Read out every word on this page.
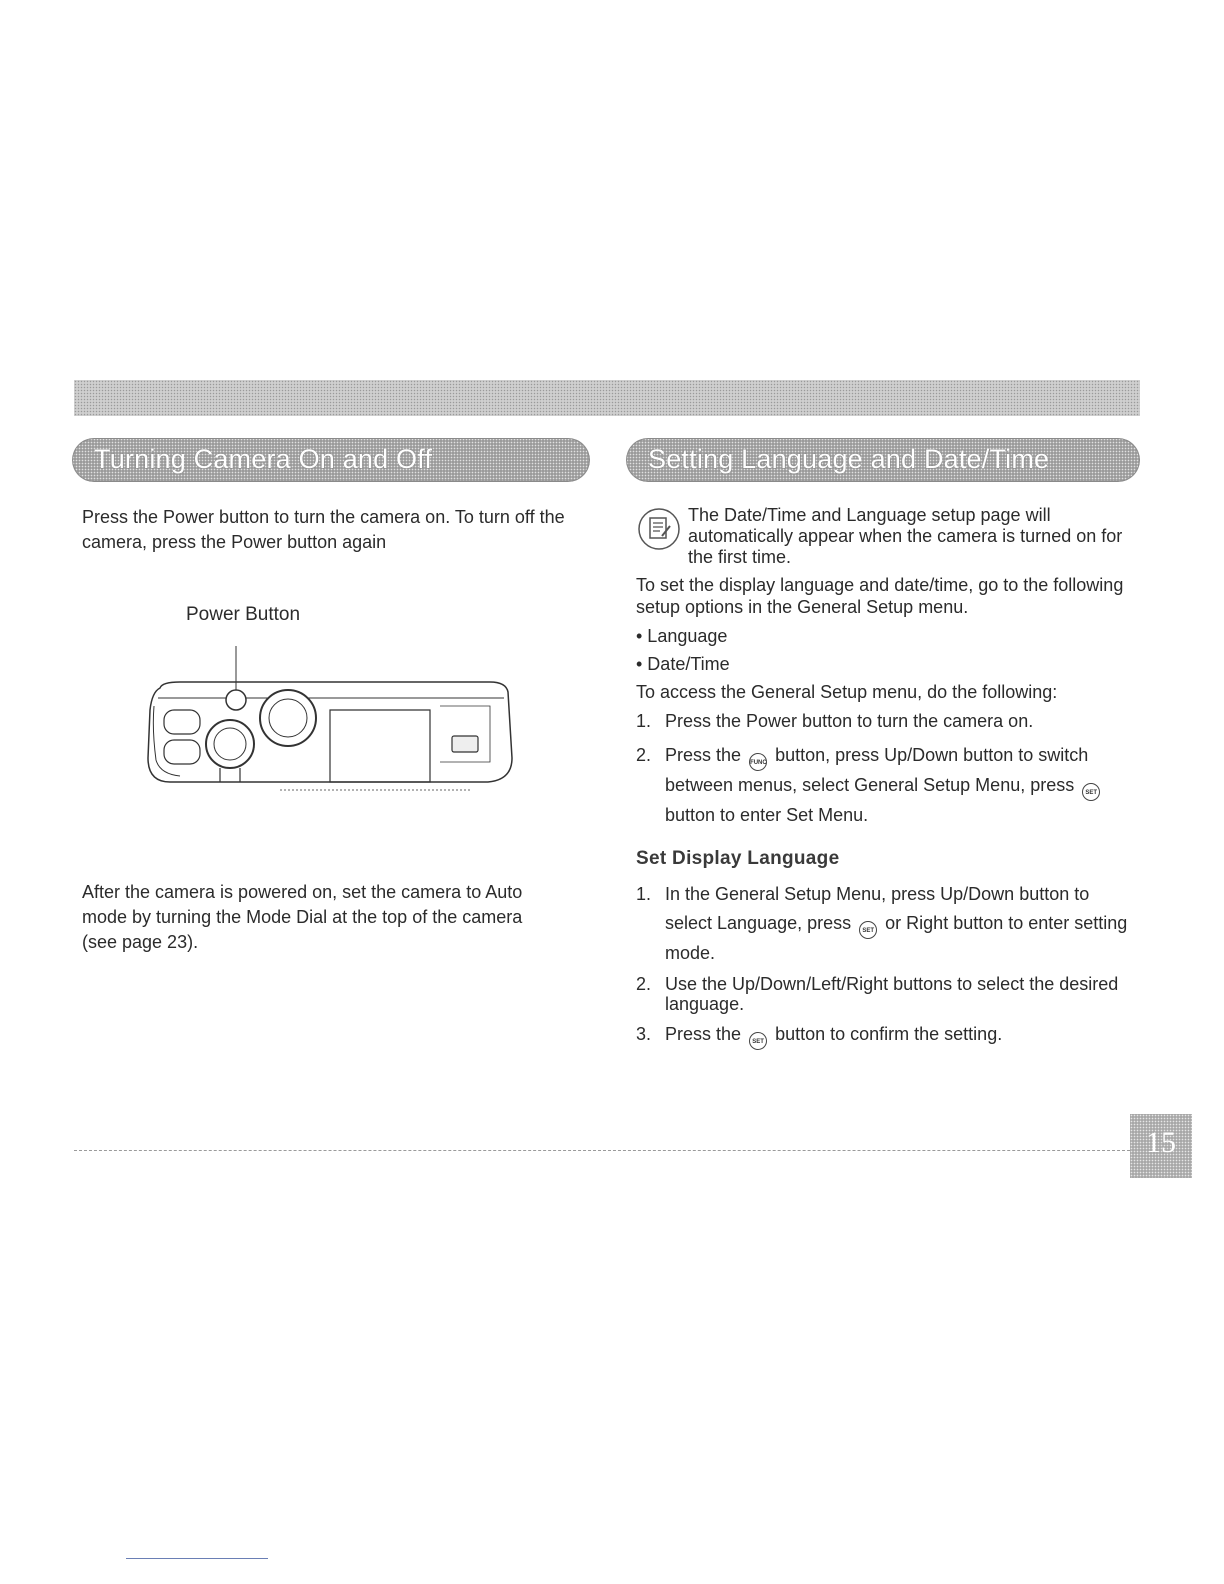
Turning Camera On and Off	Setting Language and Date/Time
Press the Power button to turn the camera on. To turn off the camera, press the Power button again
Power Button
After the camera is powered on, set the camera to Auto mode by turning the Mode Dial at the top of the camera (see page 23).
The Date/Time and Language setup page will automatically appear when the camera is turned on for the first time.
To set the display language and date/time, go to the following setup options in the General Setup menu.
• Language
• Date/Time
To access the General Setup menu, do the following:
1. Press the Power button to turn the camera on.
2. Press the FUNC button, press Up/Down button to switch between menus, select General Setup Menu, press SET button to enter Set Menu.
Set Display Language
1. In the General Setup Menu, press Up/Down button to select Language, press SET or Right button to enter setting mode.
2. Use the Up/Down/Left/Right buttons to select the desired language.
3. Press the SET button to confirm the setting.
15
